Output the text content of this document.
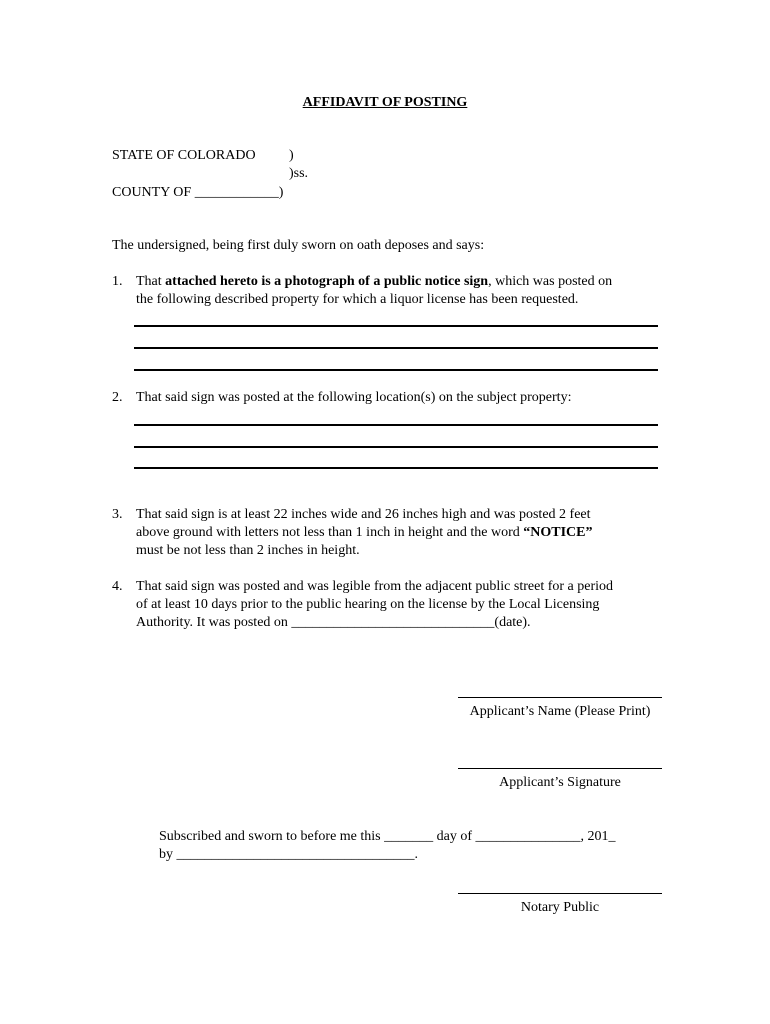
AFFIDAVIT OF POSTING
STATE OF COLORADO )
)ss.
COUNTY OF ____________)
The undersigned, being first duly sworn on oath deposes and says:
1. That attached hereto is a photograph of a public notice sign, which was posted on
the following described property for which a liquor license has been requested.
2. That said sign was posted at the following location(s) on the subject property:
3. That said sign is at least 22 inches wide and 26 inches high and was posted 2 feet
above ground with letters not less than 1 inch in height and the word “NOTICE”
must be not less than 2 inches in height.
4. That said sign was posted and was legible from the adjacent public street for a period
of at least 10 days prior to the public hearing on the license by the Local Licensing
Authority. It was posted on _____________________________(date).
Applicant’s Name (Please Print)
Applicant’s Signature
Subscribed and sworn to before me this _______ day of _______________, 201_
by __________________________________.
Notary Public
